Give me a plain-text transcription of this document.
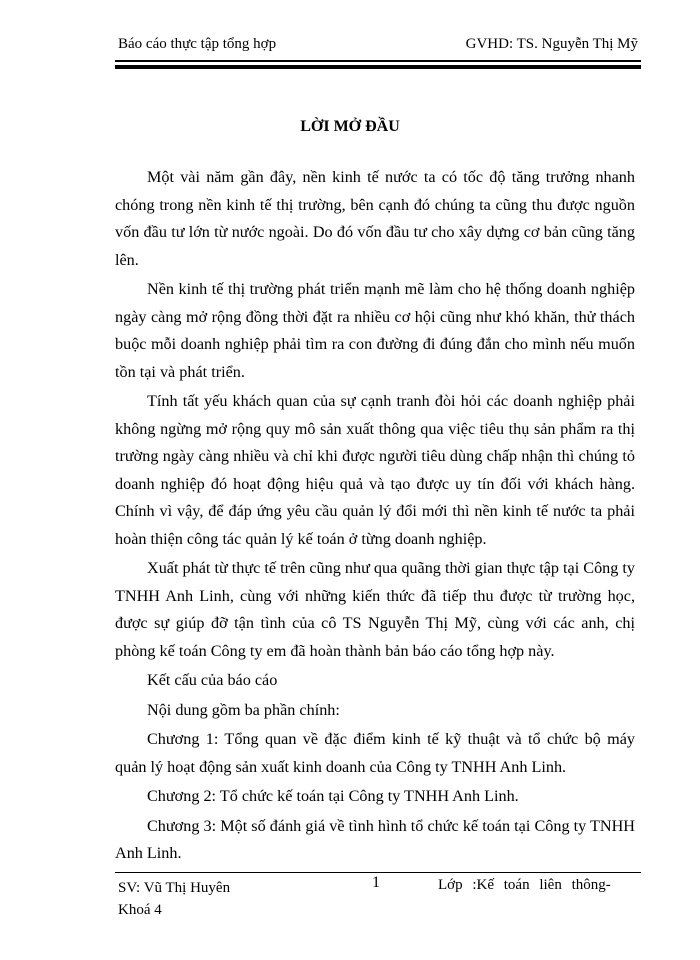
Báo cáo thực tập tổng hợp	GVHD: TS. Nguyễn Thị Mỹ
LỜI MỞ ĐẦU

Một vài năm gần đây, nền kinh tế nước ta có tốc độ tăng trưởng nhanh chóng trong nền kinh tế thị trường, bên cạnh đó chúng ta cũng thu được nguồn vốn đầu tư lớn từ nước ngoài. Do đó vốn đầu tư cho xây dựng cơ bản cũng tăng lên.

Nền kinh tế thị trường phát triển mạnh mẽ làm cho hệ thống doanh nghiệp ngày càng mở rộng đồng thời đặt ra nhiều cơ hội cũng như khó khăn, thử thách buộc mỗi doanh nghiệp phải tìm ra con đường đi đúng đắn cho mình nếu muốn tồn tại và phát triển.

Tính tất yếu khách quan của sự cạnh tranh đòi hỏi các doanh nghiệp phải không ngừng mở rộng quy mô sản xuất thông qua việc tiêu thụ sản phẩm ra thị trường ngày càng nhiều và chỉ khi được người tiêu dùng chấp nhận thì chúng tỏ doanh nghiệp đó hoạt động hiệu quả và tạo được uy tín đối với khách hàng. Chính vì vậy, để đáp ứng yêu cầu quản lý đổi mới thì nền kinh tế nước ta phải hoàn thiện công tác quản lý kế toán ở từng doanh nghiệp.

Xuất phát từ thực tế trên cũng như qua quãng thời gian thực tập tại Công ty TNHH Anh Linh, cùng với những kiến thức đã tiếp thu được từ trường học, được sự giúp đỡ tận tình của cô TS Nguyễn Thị Mỹ, cùng với các anh, chị phòng kế toán Công ty em đã hoàn thành bản báo cáo tổng hợp này.

Kết cấu của báo cáo

Nội dung gồm ba phần chính:

Chương 1: Tổng quan về đặc điểm kinh tế kỹ thuật và tổ chức bộ máy quản lý hoạt động sản xuất kinh doanh của Công ty TNHH Anh Linh.

Chương 2: Tổ chức kế toán tại Công ty TNHH Anh Linh.

Chương 3: Một số đánh giá về tình hình tổ chức kế toán tại Công ty TNHH Anh Linh.

SV: Vũ Thị Huyên
Khoá 4
1	Lớp :Kế toán liên thông-
